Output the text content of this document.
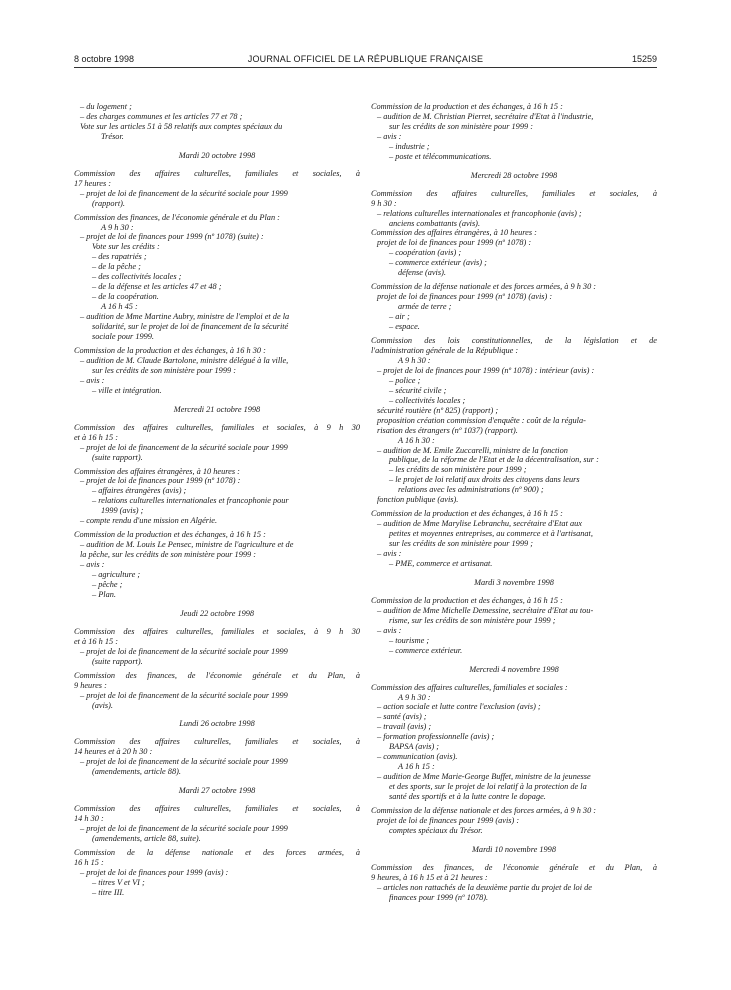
8 octobre 1998	JOURNAL OFFICIEL DE LA RÉPUBLIQUE FRANÇAISE	15259
– du logement ;
– des charges communes et les articles 77 et 78 ;
Vote sur les articles 51 à 58 relatifs aux comptes spéciaux du
Trésor.
Mardi 20 octobre 1998
Commission des affaires culturelles, familiales et sociales, à
17 heures :
– projet de loi de financement de la sécurité sociale pour 1999
(rapport).
Commission des finances, de l'économie générale et du Plan :
A 9 h 30 :
– projet de loi de finances pour 1999 (nº 1078) (suite) :
Vote sur les crédits :
– des rapatriés ;
– de la pêche ;
– des collectivités locales ;
– de la défense et les articles 47 et 48 ;
– de la coopération.
A 16 h 45 :
– audition de Mme Martine Aubry, ministre de l'emploi et de la
solidarité, sur le projet de loi de financement de la sécurité
sociale pour 1999.
Commission de la production et des échanges, à 16 h 30 :
– audition de M. Claude Bartolone, ministre délégué à la ville,
sur les crédits de son ministère pour 1999 :
– avis :
– ville et intégration.
Mercredi 21 octobre 1998
Commission des affaires culturelles, familiales et sociales, à 9 h 30
et à 16 h 15 :
– projet de loi de financement de la sécurité sociale pour 1999
(suite rapport).
Commission des affaires étrangères, à 10 heures :
– projet de loi de finances pour 1999 (nº 1078) :
– affaires étrangères (avis) ;
– relations culturelles internationales et francophonie pour
1999 (avis) ;
– compte rendu d'une mission en Algérie.
Commission de la production et des échanges, à 16 h 15 :
– audition de M. Louis Le Pensec, ministre de l'agriculture et de
la pêche, sur les crédits de son ministère pour 1999 :
– avis :
– agriculture ;
– pêche ;
– Plan.
Jeudi 22 octobre 1998
Commission des affaires culturelles, familiales et sociales, à 9 h 30
et à 16 h 15 :
– projet de loi de financement de la sécurité sociale pour 1999
(suite rapport).
Commission des finances, de l'économie générale et du Plan, à
9 heures :
– projet de loi de financement de la sécurité sociale pour 1999
(avis).
Lundi 26 octobre 1998
Commission des affaires culturelles, familiales et sociales, à
14 heures et à 20 h 30 :
– projet de loi de financement de la sécurité sociale pour 1999
(amendements, article 88).
Mardi 27 octobre 1998
Commission des affaires culturelles, familiales et sociales, à
14 h 30 :
– projet de loi de financement de la sécurité sociale pour 1999
(amendements, article 88, suite).
Commission de la défense nationale et des forces armées, à
16 h 15 :
– projet de loi de finances pour 1999 (avis) :
– titres V et VI ;
– titre III.
Commission de la production et des échanges, à 16 h 15 :
– audition de M. Christian Pierret, secrétaire d'Etat à l'industrie,
sur les crédits de son ministère pour 1999 :
– avis :
– industrie ;
– poste et télécommunications.
Mercredi 28 octobre 1998
Commission des affaires culturelles, familiales et sociales, à
9 h 30 :
– relations culturelles internationales et francophonie (avis) ;
anciens combattants (avis).
Commission des affaires étrangères, à 10 heures :
projet de loi de finances pour 1999 (nº 1078) :
– coopération (avis) ;
– commerce extérieur (avis) ;
défense (avis).
Commission de la défense nationale et des forces armées, à 9 h 30 :
projet de loi de finances pour 1999 (nº 1078) (avis) :
armée de terre ;
– air ;
– espace.
Commission des lois constitutionnelles, de la législation et de
l'administration générale de la République :
A 9 h 30 :
– projet de loi de finances pour 1999 (nº 1078) : intérieur (avis) :
– police ;
– sécurité civile ;
– collectivités locales ;
sécurité routière (nº 825) (rapport) ;
proposition création commission d'enquête : coût de la régula-
risation des étrangers (nº 1037) (rapport).
A 16 h 30 :
– audition de M. Emile Zuccarelli, ministre de la fonction
publique, de la réforme de l'Etat et de la décentralisation, sur :
– les crédits de son ministère pour 1999 ;
– le projet de loi relatif aux droits des citoyens dans leurs
relations avec les administrations (nº 900) ;
fonction publique (avis).
Commission de la production et des échanges, à 16 h 15 :
– audition de Mme Marylise Lebranchu, secrétaire d'Etat aux
petites et moyennes entreprises, au commerce et à l'artisanat,
sur les crédits de son ministère pour 1999 ;
– avis :
– PME, commerce et artisanat.
Mardi 3 novembre 1998
Commission de la production et des échanges, à 16 h 15 :
– audition de Mme Michelle Demessine, secrétaire d'Etat au tou-
risme, sur les crédits de son ministère pour 1999 ;
– avis :
– tourisme ;
– commerce extérieur.
Mercredi 4 novembre 1998
Commission des affaires culturelles, familiales et sociales :
A 9 h 30 :
– action sociale et lutte contre l'exclusion (avis) ;
– santé (avis) ;
– travail (avis) ;
– formation professionnelle (avis) ;
BAPSA (avis) ;
– communication (avis).
A 16 h 15 :
– audition de Mme Marie-George Buffet, ministre de la jeunesse
et des sports, sur le projet de loi relatif à la protection de la
santé des sportifs et à la lutte contre le dopage.
Commission de la défense nationale et des forces armées, à 9 h 30 :
projet de loi de finances pour 1999 (avis) :
comptes spéciaux du Trésor.
Mardi 10 novembre 1998
Commission des finances, de l'économie générale et du Plan, à
9 heures, à 16 h 15 et à 21 heures :
– articles non rattachés de la deuxième partie du projet de loi de
finances pour 1999 (nº 1078).
